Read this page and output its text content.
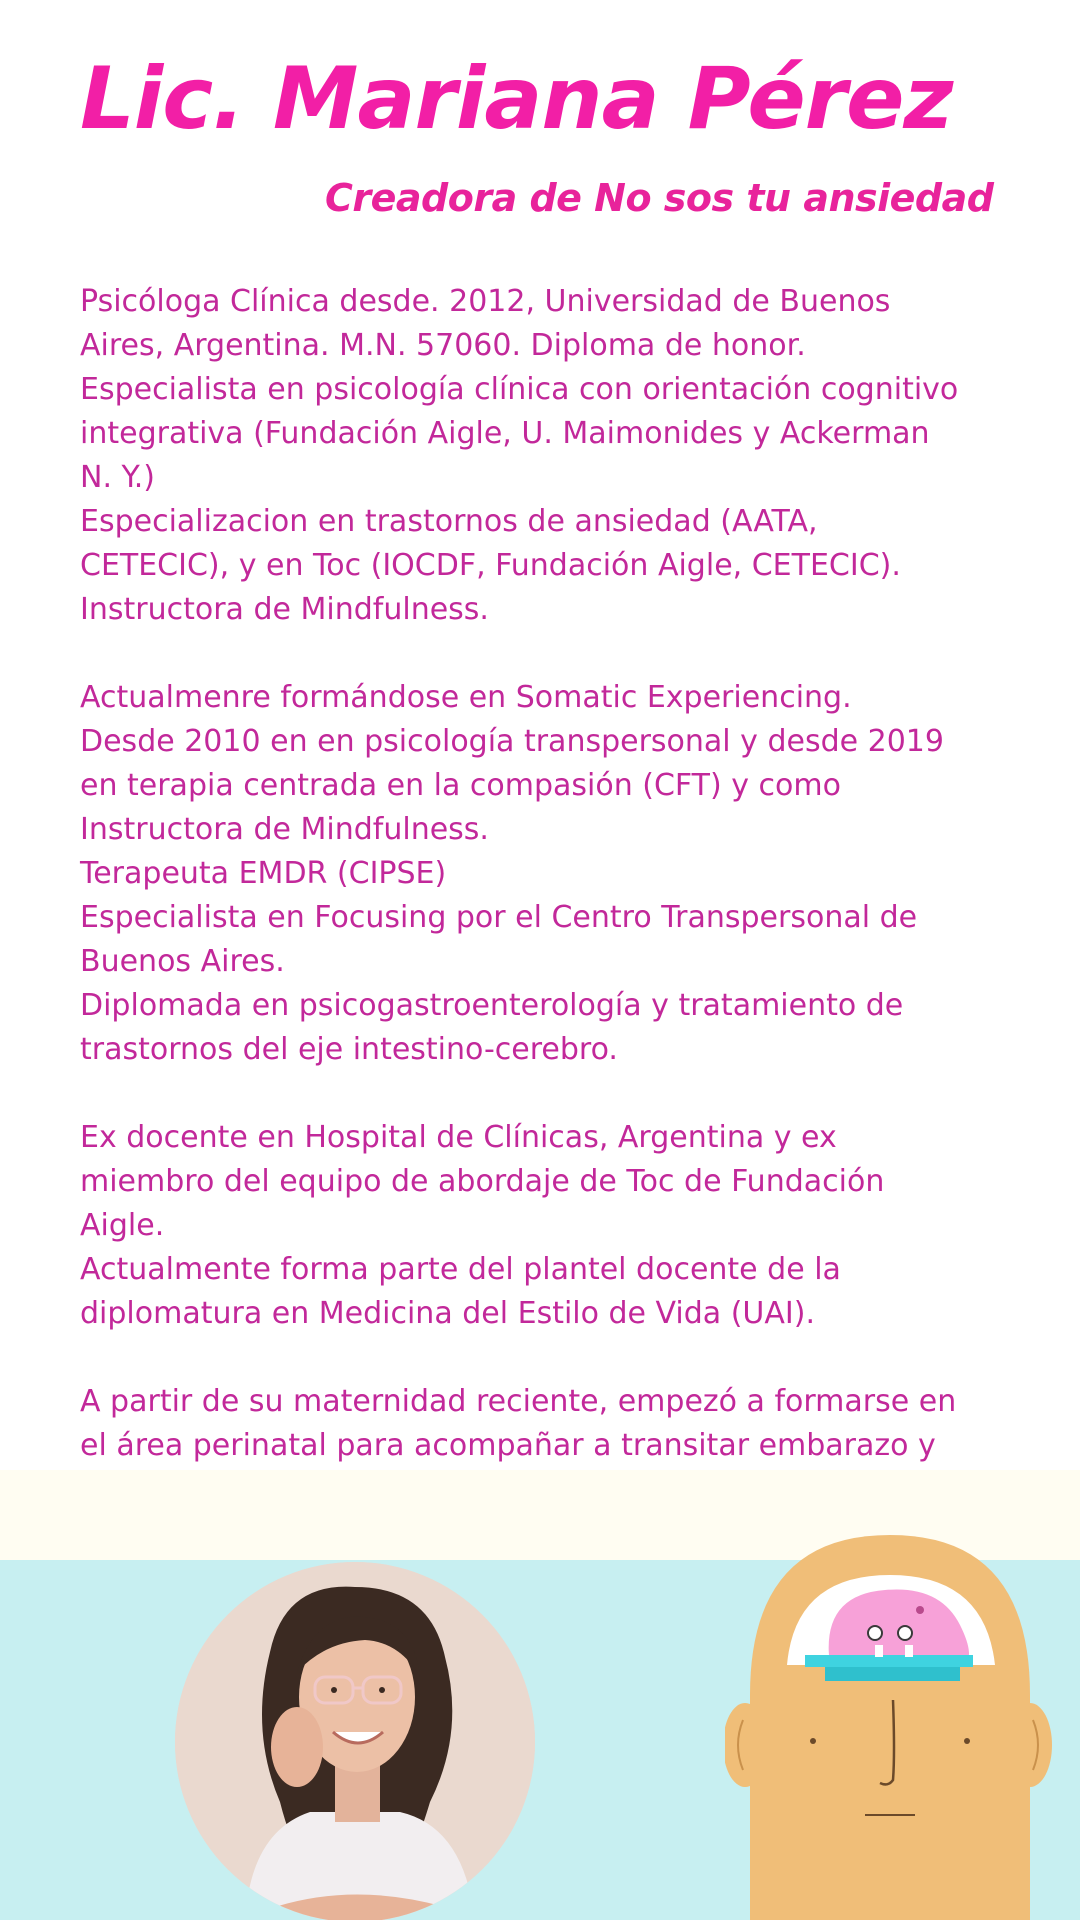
Lic. Mariana Pérez
Creadora de No sos tu ansiedad

Psicóloga Clínica desde. 2012, Universidad de Buenos

Aires, Argentina. M.N. 57060. Diploma de honor.

Especialista en psicología clínica con orientación cognitivo

integrativa (Fundación Aigle, U. Maimonides y Ackerman

N. Y.)

Especializacion en trastornos de ansiedad (AATA,

CETECIC), y en Toc (IOCDF, Fundación Aigle, CETECIC).

Instructora de Mindfulness.

Actualmenre formándose en Somatic Experiencing.

Desde 2010 en en psicología transpersonal y desde 2019

en terapia centrada en la compasión (CFT) y como

Instructora de Mindfulness.

Terapeuta EMDR (CIPSE)

Especialista en Focusing por el Centro Transpersonal de

Buenos Aires.

Diplomada en psicogastroenterología y tratamiento de

trastornos del eje intestino-cerebro.

Ex docente en Hospital de Clínicas, Argentina y ex

miembro del equipo de abordaje de Toc de Fundación

Aigle.

Actualmente forma parte del plantel docente de la

diplomatura en Medicina del Estilo de Vida (UAI).

A partir de su maternidad reciente, empezó a formarse en

el área perinatal para acompañar a transitar embarazo y
